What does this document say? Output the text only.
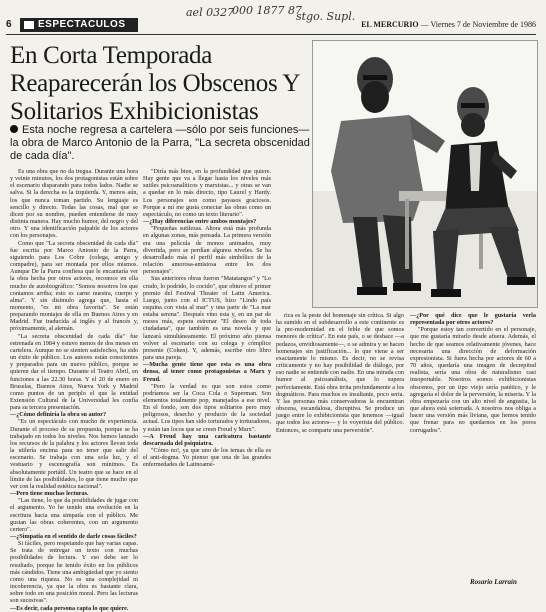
ael 0327
000 1877 87
stgo. Supl.
6	ESPECTACULOS	EL MERCURIO — Viernes 7 de Noviembre de 1986
En Corta Temporada Reaparecerán los Obscenos Y Solitarios Exhibicionistas

Esta noche regresa a cartelera —sólo por seis funciones— la obra de Marco Antonio de la Parra, "La secreta obscenidad de cada día".

Es una obra que no da tregua. Durante una hora y veinte minutos, los dos protagonistas están sobre el escenario disparando para todos lados. Nadie se salva. Si la derecha es la izquierda. Y, menos aún, los que nunca toman partido. Su lenguaje es sencillo y directo. Todas las cosas, mal que se dicen por su nombre, pueden entenderse de muy distinta manera. Hay mucho humor, del negro y del otro. Y una identificación palpable de los actores con los personajes.

Como que "La secreta obscenidad de cada día" fue escrita por Marco Antonio de la Parra, siguiendo para Los Cobre (colega, amigo y compadre), para ser montada por ellos mismos. Aunque De la Parra confiesa que le encantaría ver la obra hecha por otros actores, reconoce en ella mucho de autobiográfico: "Somos nosotros los que contamos arriba; esto es carne nuestra, cuerpo y alma". Y sin disimulo agrega que, hasta el momento, "es mi obra favorita". Se están preparando montajes de ella en Buenos Aires y en Madrid. Fue traducida al inglés y al francés y, próximamente, al alemán.

"La secreta obscenidad de cada día" fue estrenada en 1984 y estuvo menos de dos meses en cartelera. Aunque no se sienten satisfechos, ha sido un éxito de público. Los autores están conscientes y preparados para un nuevo público, porque se quieren dar el tiempo. Durante el Teatro Abril, en funciones a las 22.30 horas. Y el 20 de enero en Bruselas, Buenos Aires, Nueva York y Madrid como puntos de un periplo el que la entidad Extensión Cultural de la Universidad les confía para su tercera presentación.

—¿Cómo definiría la obra su autor?

"Es un espectáculo con mucho de experiencia. Durante el proceso de su propuesta, porque se ha trabajado en todos los niveles. Nos hemos lanzado los recursos de la palabra y los actores llevan toda la utilería encima para no tener que salir del escenario. Se trabaja con una sola luz, y el vestuario y escenografía son mínimos. Es absolutamente portátil. Un teatro que se hace en el límite de las posibilidades, lo que tiene mucho que ver con la realidad estética nacional".

—Pero tiene muchas lecturas.

"Las tiene, lo que da posibilidades de jugar con el argumento. Yo he tenido una evolución en la escritura hacia una simpatía con el público. Me gustan las obras coherentes, con un argumento certero".

—¿Simpatía en el sentido de darle cosas fáciles?

Si fáciles, pero respetando que hay varias capas. Se trata de entregar un texto con muchas posibilidades de lectura. Y eso debe ser lo resultado, porque he tenido éxito en los públicos más cándidos. Tiene una ambigüedad que yo siento como una riqueza. No es una complejidad ni incoherencia, ya que la obra es bastante clara, sobre todo en una posición moral. Pero las lecturas son sucesivas".

—Es decir, cada persona capta lo que quiere.

"Diría más bien, en la profundidad que quiere. Hay gente que va a llegar hasta los niveles más sutiles psicoanalíticos y marxistas... y otras se van a quedar en lo más directo, tipo Laurel y Hardy. Los personajes son como payasos graciosos. Porque a mí me gusta conectar las obras como un espectáculo, no como un texto literario".

—¿Hay diferencias entre ambos montajes?

"Pequeñas sutilezas. Ahora está más profunda en algunas zonas, más pensada. La primera versión era una película de monos animados, muy divertida, pero se perdían algunos niveles. Se ha desarrollado más el perfil más simbólico de la relación amorosa-amistosa entre los dos personajes".

Sus anteriores obras fueron "Matatangos" y "Lo crudo, lo podrido, lo cocido", que obtuvo el primer premio del Festival Theater of Latin America. Luego, junto con el ICTUS, hizo "Lindo país esquina con vista al mar" y una parte de "La mar estaba serena". Después vino esta y, en un par de meses más, espera estrenar "El deseo de toda ciudadana", que también es una novela y que lanzará simultáneamente. El próximo año piensa volver al escenario con su colega y cómplice presente (Cohen). Y, además, escribe otro libro para una pareja.

—Mucha gente tiene que esta es una obra densa, al tener como protagonistas a Marx y Freud.

"Pero la verdad es que son estos como podríamos ser la Coca Cola o Superman. Son elementos totalmente pop, manejados a ese nivel. En el fondo, son dos tipos solitarios pero muy peligrosos, desecho y producto de la sociedad actual. Los tipos han sido torturados y torturadores, y están tan locos que se creen Freud y Marx".

—A Freud hay una caricatura bastante descarnada del psiquiatra.

"Cómo no!, ya que uno de los temas de ella es el anti-dogma. Yo pienso que una de las grandes enfermedades de Latinoamé-

rica es la peste del homenaje sin crítica. Si algo ha sumido en el subdesarrollo a este continente es la pre-modernidad en el feble de que somos menores de crítica". En este país, o se deshace —a pedazos, envidiosamente—, o se admira y se hacen homenajes sin justificación... lo que viene a ser exactamente lo mismo. Es decir, no se revisa críticamente y no hay posibilidad de diálogo, por eso nadie se entiende con nadie. En una mirada con humor al psicoanálisis, que lo supera perfectamente. Está obra irrita profundamente a los dogmáticos. Para muchos es insultante, poco seria. Y las personas más conservadoras la encuentran obscena, escandalosa, disruptiva. Se produce un juego entre lo exhibicionista que tenemos —igual que todos los actores— y lo voyerista del público. Entonces, se comparte una perversión".

—¿Por qué dice que le gustaría verla representada por otros actores?

"Porque estoy tan convertido en el personaje, que me gustaría mirarlo desde afuera. Además, el hecho de que seamos relativamente jóvenes, hace necesaria una dirección de deformación expresionista. Si fuera hecha por actores de 60 a 70 años, quedaría una imagen de decrepitud realista, sería una obra de naturalismo casi insoportable. Nosotros somos exhibicionistas obscenos, por un tipo viejo sería patético, y le agregaría el dolor de la perversión, la miseria. Y la obra empezaría con un alto nivel de angustia, la que ahora está soterrada. A nosotros nos obliga a hacer una versión más liviana, que hemos tenido que frenar para no quedarnos en los poros corrugados".

Rosario Larraín
